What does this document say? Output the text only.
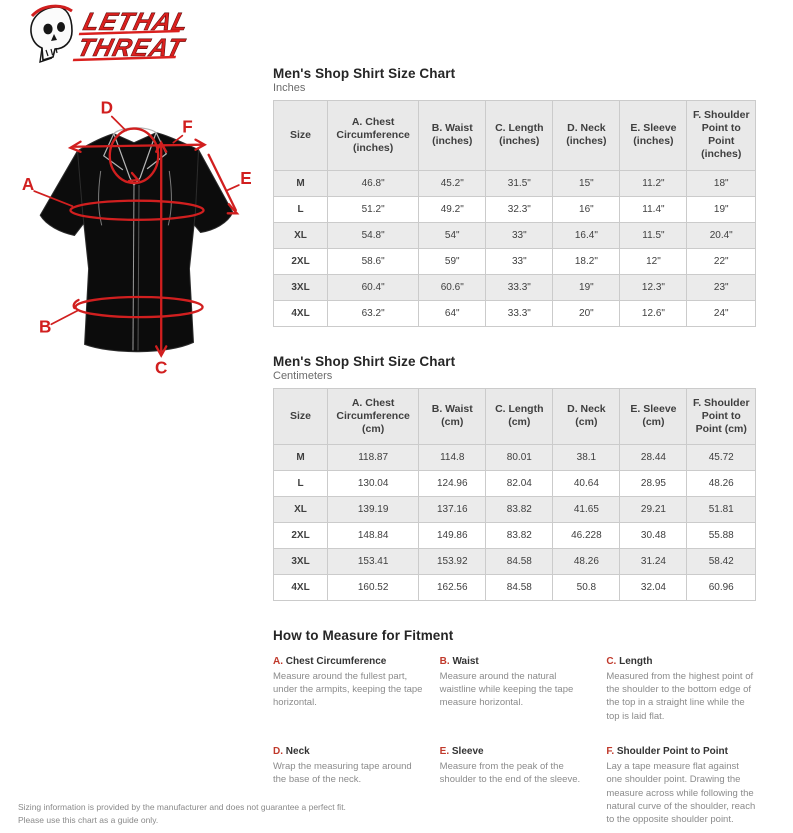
LETHAL
THREAT
A
B
C
D
E
F
Men's Shop Shirt Size Chart
Inches
Size	A. Chest Circumference (inches)	B. Waist (inches)	C. Length (inches)	D. Neck (inches)	E. Sleeve (inches)	F. Shoulder Point to Point (inches)
M	46.8"	45.2"	31.5"	15"	11.2"	18"
L	51.2"	49.2"	32.3"	16"	11.4"	19"
XL	54.8"	54"	33"	16.4"	11.5"	20.4"
2XL	58.6"	59"	33"	18.2"	12"	22"
3XL	60.4"	60.6"	33.3"	19"	12.3"	23"
4XL	63.2"	64"	33.3"	20"	12.6"	24"
Men's Shop Shirt Size Chart
Centimeters
Size	A. Chest Circumference (cm)	B. Waist (cm)	C. Length (cm)	D. Neck (cm)	E. Sleeve (cm)	F. Shoulder Point to Point (cm)
M	118.87	114.8	80.01	38.1	28.44	45.72
L	130.04	124.96	82.04	40.64	28.95	48.26
XL	139.19	137.16	83.82	41.65	29.21	51.81
2XL	148.84	149.86	83.82	46.228	30.48	55.88
3XL	153.41	153.92	84.58	48.26	31.24	58.42
4XL	160.52	162.56	84.58	50.8	32.04	60.96
How to Measure for Fitment
A. Chest Circumference
Measure around the fullest part, under the armpits, keeping the tape horizontal.
B. Waist
Measure around the natural waistline while keeping the tape measure horizontal.
C. Length
Measured from the highest point of the shoulder to the bottom edge of the top in a straight line while the top is laid flat.
D. Neck
Wrap the measuring tape around the base of the neck.
E. Sleeve
Measure from the peak of the shoulder to the end of the sleeve.
F. Shoulder Point to Point
Lay a tape measure flat against one shoulder point. Drawing the measure across while following the natural curve of the shoulder, reach to the opposite shoulder point.
Sizing information is provided by the manufacturer and does not guarantee a perfect fit.
Please use this chart as a guide only.
